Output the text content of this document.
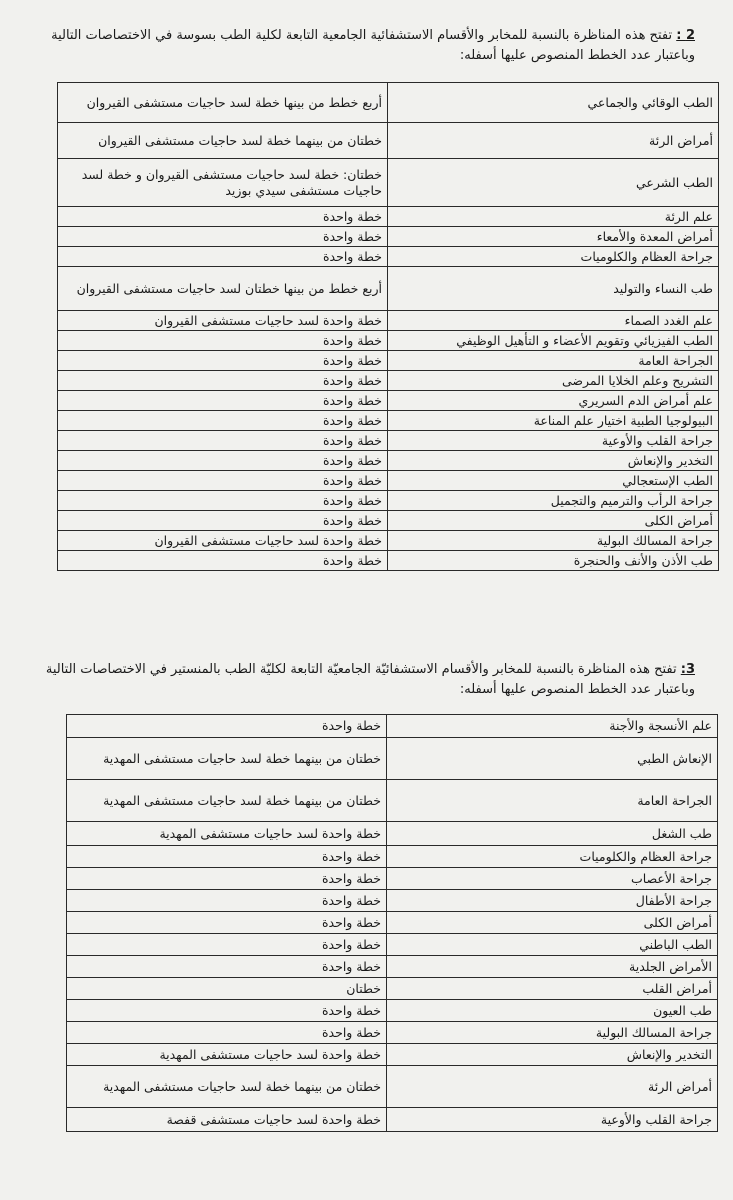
2 : تفتح هذه المناظرة بالنسبة للمخابر والأقسام الاستشفائية الجامعية التابعة لكلية الطب بسوسة في الاختصاصات التالية وباعتبار عدد الخطط المنصوص عليها أسفله:
الطب الوقائي والجماعي	أربع خطط من بينها خطة لسد حاجيات مستشفى القيروان
أمراض الرئة	خطتان من بينهما خطة لسد حاجيات مستشفى القيروان
الطب الشرعي	خطتان: خطة لسد حاجيات مستشفى القيروان و خطة لسد حاجيات مستشفى سيدي بوزيد
علم الرئة	خطة واحدة
أمراض المعدة والأمعاء	خطة واحدة
جراحة العظام والكلوميات	خطة واحدة
طب النساء والتوليد	أربع خطط من بينها خطتان لسد حاجيات مستشفى القيروان
علم الغدد الصماء	خطة واحدة لسد حاجيات مستشفى القيروان
الطب الفيزيائي وتقويم الأعضاء و التأهيل الوظيفي	خطة واحدة
الجراحة العامة	خطة واحدة
التشريح وعلم الخلايا المرضى	خطة واحدة
علم أمراض الدم السريري	خطة واحدة
البيولوجيا الطبية اختيار علم المناعة	خطة واحدة
جراحة القلب والأوعية	خطة واحدة
التخدير والإنعاش	خطة واحدة
الطب الإستعجالي	خطة واحدة
جراحة الرأب والترميم والتجميل	خطة واحدة
أمراض الكلى	خطة واحدة
جراحة المسالك البولية	خطة واحدة لسد حاجيات مستشفى القيروان
طب الأذن والأنف والحنجرة	خطة واحدة
3: تفتح هذه المناظرة بالنسبة للمخابر والأقسام الاستشفائيّة الجامعيّة التابعة لكليّة الطب بالمنستير في الاختصاصات التالية وباعتبار عدد الخطط المنصوص عليها أسفله:
علم الأنسجة والأجنة	خطة واحدة
الإنعاش الطبي	خطتان من بينهما خطة لسد حاجيات مستشفى المهدية
الجراحة العامة	خطتان من بينهما خطة لسد حاجيات مستشفى المهدية
طب الشغل	خطة واحدة لسد حاجيات مستشفى المهدية
جراحة العظام والكلوميات	خطة واحدة
جراحة الأعصاب	خطة واحدة
جراحة الأطفال	خطة واحدة
أمراض الكلى	خطة واحدة
الطب الباطني	خطة واحدة
الأمراض الجلدية	خطة واحدة
أمراض القلب	خطتان
طب العيون	خطة واحدة
جراحة المسالك البولية	خطة واحدة
التخدير والإنعاش	خطة واحدة لسد حاجيات مستشفى المهدية
أمراض الرئة	خطتان من بينهما خطة لسد حاجيات مستشفى المهدية
جراحة القلب والأوعية	خطة واحدة لسد حاجيات مستشفى قفصة
